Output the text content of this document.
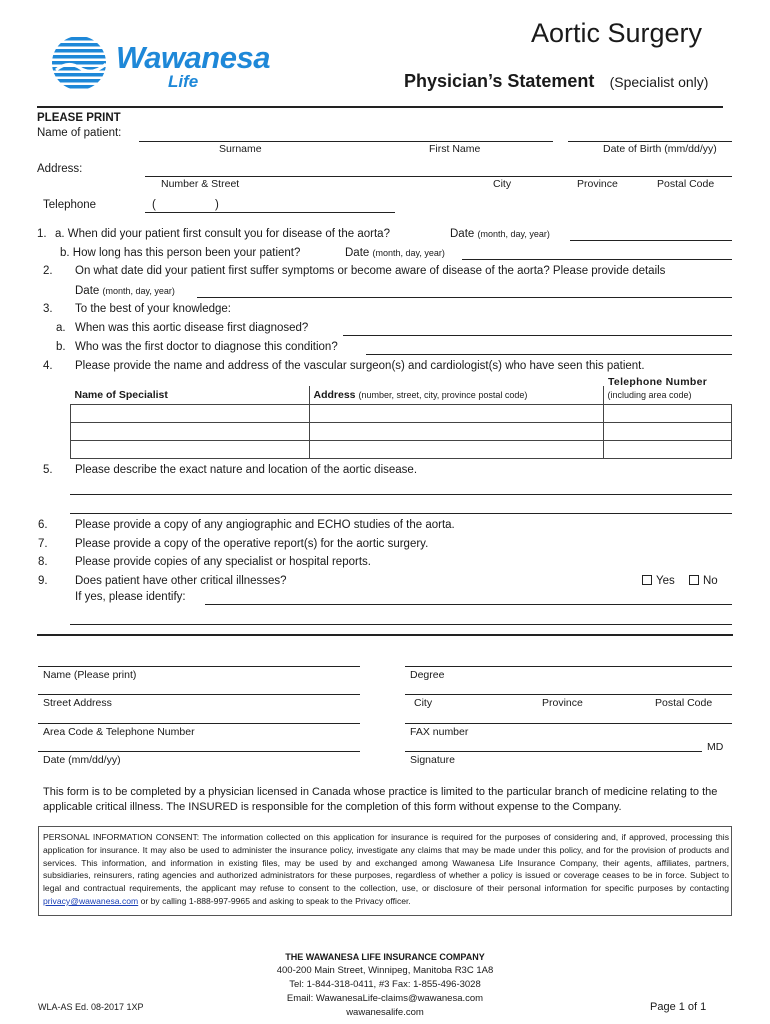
Wawanesa
Life
Aortic Surgery
Physician’s Statement (Specialist only)
PLEASE PRINT
Name of patient:
Surname	First Name	Date of Birth (mm/dd/yy)
Address:
Number & Street	City	Province	Postal Code
Telephone	(	)
1. a. When did your patient first consult you for disease of the aorta?	Date (month, day, year)
b. How long has this person been your patient?	Date (month, day, year)
2. On what date did your patient first suffer symptoms or become aware of disease of the aorta? Please provide details
Date (month, day, year)
3. To the best of your knowledge:
a. When was this aortic disease first diagnosed?
b. Who was the first doctor to diagnose this condition?
4. Please provide the name and address of the vascular surgeon(s) and cardiologist(s) who have seen this patient.
Telephone Number
Name of Specialist	Address (number, street, city, province postal code)	(including area code)

5. Please describe the exact nature and location of the aortic disease.
6. Please provide a copy of any angiographic and ECHO studies of the aorta.
7. Please provide a copy of the operative report(s) for the aortic surgery.
8. Please provide copies of any specialist or hospital reports.
9. Does patient have other critical illnesses?	Yes	No
If yes, please identify:
Name (Please print)	Degree
Street Address	City	Province	Postal Code
Area Code & Telephone Number	FAX number
MD
Date (mm/dd/yy)	Signature
This form is to be completed by a physician licensed in Canada whose practice is limited to the particular branch of medicine relating to the applicable critical illness. The INSURED is responsible for the completion of this form without expense to the Company.
PERSONAL INFORMATION CONSENT: The information collected on this application for insurance is required for the purposes of considering and, if approved, processing this application for insurance. It may also be used to administer the insurance policy, investigate any claims that may be made under this policy, and for the provision of products and services. This information, and information in existing files, may be used by and exchanged among Wawanesa Life Insurance Company, their agents, affiliates, partners, subsidiaries, reinsurers, rating agencies and authorized administrators for these purposes, regardless of whether a policy is issued or coverage ceases to be in force. Subject to legal and contractual requirements, the applicant may refuse to consent to the collection, use, or disclosure of their personal information for specific purposes by contacting privacy@wawanesa.com or by calling 1-888-997-9965 and asking to speak to the Privacy officer.
THE WAWANESA LIFE INSURANCE COMPANY
400-200 Main Street, Winnipeg, Manitoba R3C 1A8
Tel: 1-844-318-0411, #3 Fax: 1-855-496-3028
Email: WawanesaLife-claims@wawanesa.com
wawanesalife.com
WLA-AS Ed. 08-2017 1XP	Page 1 of 1
